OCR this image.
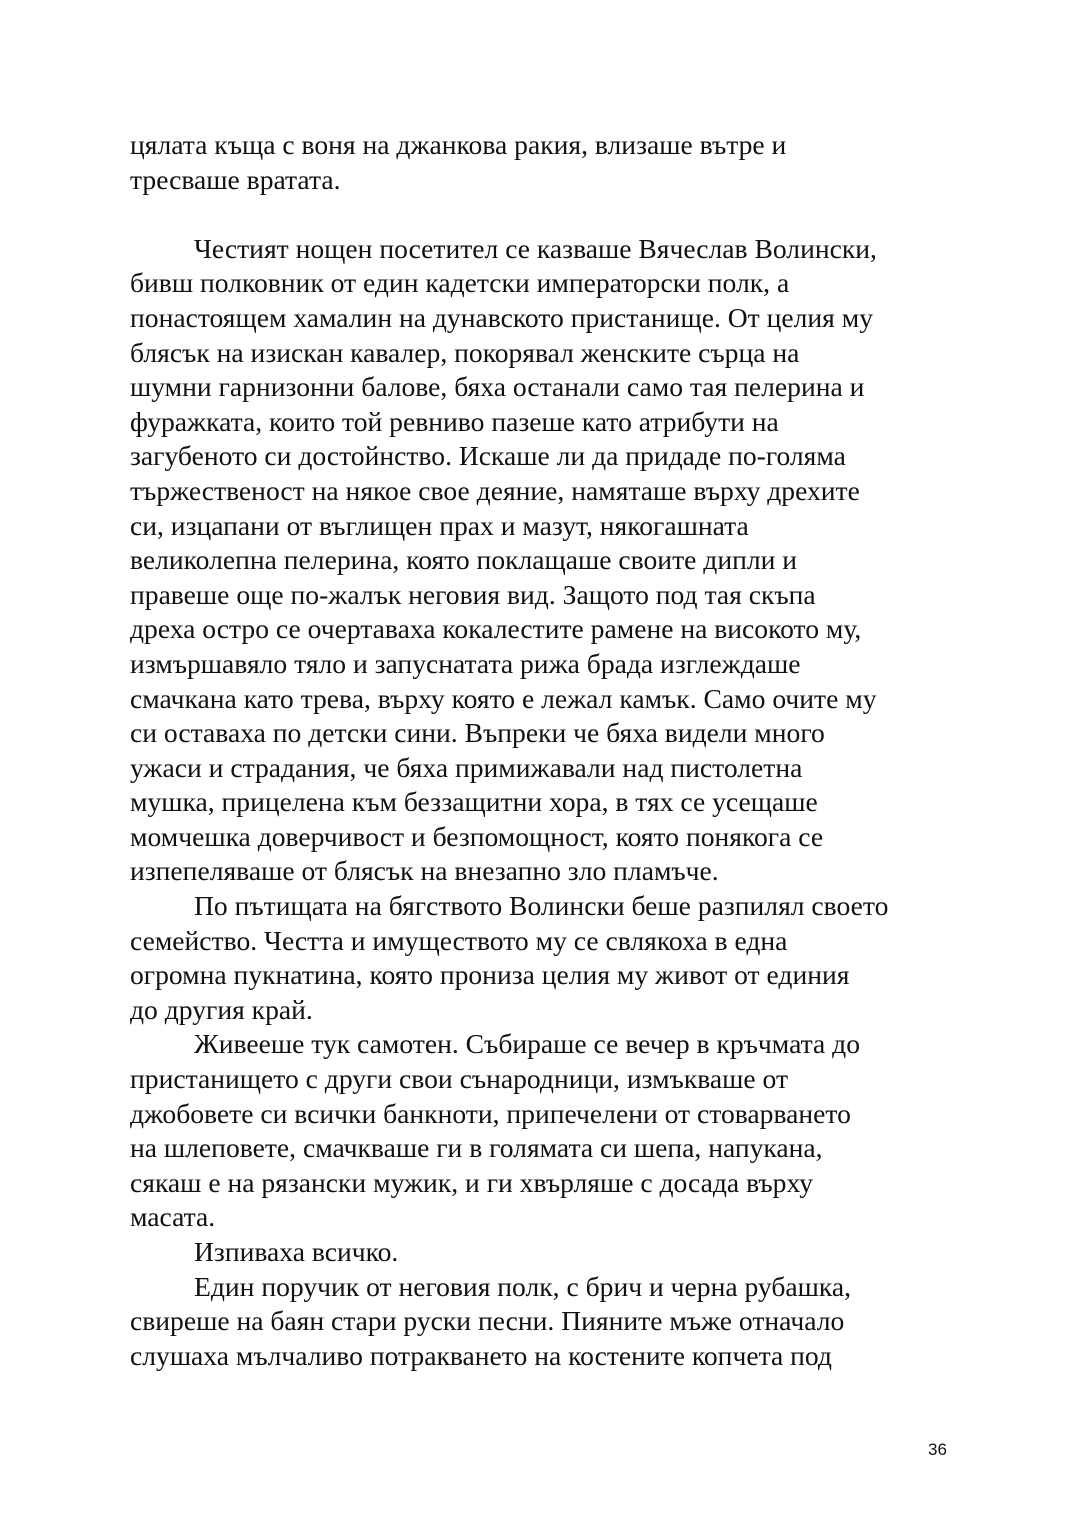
цялата къща с воня на джанкова ракия, влизаше вътре и
тресваше вратата.
Честият нощен посетител се казваше Вячеслав Волински,
бивш полковник от един кадетски императорски полк, а
понастоящем хамалин на дунавското пристанище. От целия му
блясък на изискан кавалер, покорявал женските сърца на
шумни гарнизонни балове, бяха останали само тая пелерина и
фуражката, които той ревниво пазеше като атрибути на
загубеното си достойнство. Искаше ли да придаде по-голяма
тържественост на някое свое деяние, намяташе върху дрехите
си, изцапани от въглищен прах и мазут, някогашната
великолепна пелерина, която поклащаше своите дипли и
правеше още по-жалък неговия вид. Защото под тая скъпа
дреха остро се очертаваха кокалестите рамене на високото му,
измършавяло тяло и запуснатата рижа брада изглеждаше
смачкана като трева, върху която е лежал камък. Само очите му
си оставаха по детски сини. Въпреки че бяха видели много
ужаси и страдания, че бяха примижавали над пистолетна
мушка, прицелена към беззащитни хора, в тях се усещаше
момчешка доверчивост и безпомощност, която понякога се
изпепеляваше от блясък на внезапно зло пламъче.
По пътищата на бягството Волински беше разпилял своето
семейство. Честта и имуществото му се свлякоха в една
огромна пукнатина, която прониза целия му живот от единия
до другия край.
Живееше тук самотен. Събираше се вечер в кръчмата до
пристанището с други свои сънародници, измъкваше от
джобовете си всички банкноти, припечелени от стоварването
на шлеповете, смачкваше ги в голямата си шепа, напукана,
сякаш е на рязански мужик, и ги хвърляше с досада върху
масата.
Изпиваха всичко.
Един поручик от неговия полк, с брич и черна рубашка,
свиреше на баян стари руски песни. Пияните мъже отначало
слушаха мълчаливо потракването на костените копчета под
36
